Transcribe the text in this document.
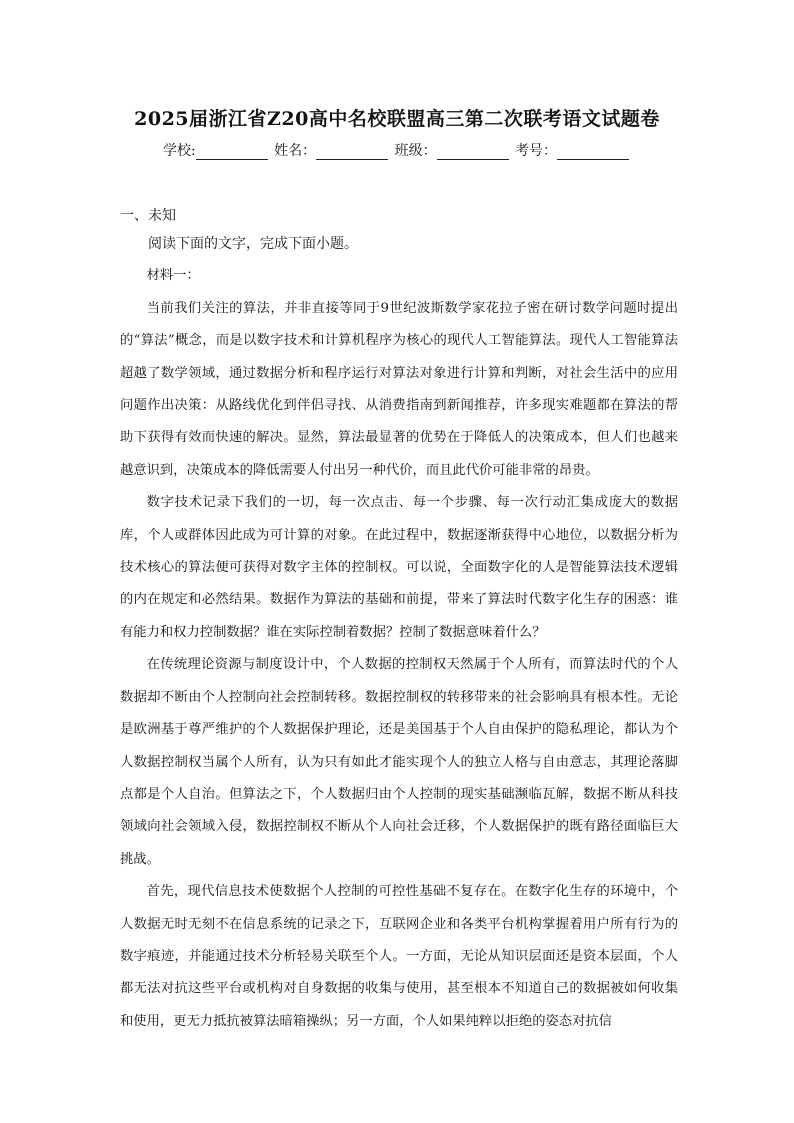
2025届浙江省Z20高中名校联盟高三第二次联考语文试题卷
学校:	姓名：	班级：	考号：
一、未知

阅读下面的文字，完成下面小题。

材料一：

当前我们关注的算法，并非直接等同于9世纪波斯数学家花拉子密在研讨数学问题时提出的“算法”概念，而是以数字技术和计算机程序为核心的现代人工智能算法。现代人工智能算法超越了数学领域，通过数据分析和程序运行对算法对象进行计算和判断，对社会生活中的应用问题作出决策：从路线优化到伴侣寻找、从消费指南到新闻推荐，许多现实难题都在算法的帮助下获得有效而快速的解决。显然，算法最显著的优势在于降低人的决策成本，但人们也越来越意识到，决策成本的降低需要人付出另一种代价，而且此代价可能非常的昂贵。

数字技术记录下我们的一切，每一次点击、每一个步骤、每一次行动汇集成庞大的数据库，个人或群体因此成为可计算的对象。在此过程中，数据逐渐获得中心地位，以数据分析为技术核心的算法便可获得对数字主体的控制权。可以说，全面数字化的人是智能算法技术逻辑的内在规定和必然结果。数据作为算法的基础和前提，带来了算法时代数字化生存的困惑：谁有能力和权力控制数据？谁在实际控制着数据？控制了数据意味着什么？

在传统理论资源与制度设计中，个人数据的控制权天然属于个人所有，而算法时代的个人数据却不断由个人控制向社会控制转移。数据控制权的转移带来的社会影响具有根本性。无论是欧洲基于尊严维护的个人数据保护理论，还是美国基于个人自由保护的隐私理论，都认为个人数据控制权当属个人所有，认为只有如此才能实现个人的独立人格与自由意志，其理论落脚点都是个人自治。但算法之下，个人数据归由个人控制的现实基础濒临瓦解，数据不断从科技领域向社会领域入侵，数据控制权不断从个人向社会迁移，个人数据保护的既有路径面临巨大挑战。

首先，现代信息技术使数据个人控制的可控性基础不复存在。在数字化生存的环境中，个人数据无时无刻不在信息系统的记录之下，互联网企业和各类平台机构掌握着用户所有行为的数字痕迹，并能通过技术分析轻易关联至个人。一方面，无论从知识层面还是资本层面，个人都无法对抗这些平台或机构对自身数据的收集与使用，甚至根本不知道自己的数据被如何收集和使用，更无力抵抗被算法暗箱操纵；另一方面，个人如果纯粹以拒绝的姿态对抗信
